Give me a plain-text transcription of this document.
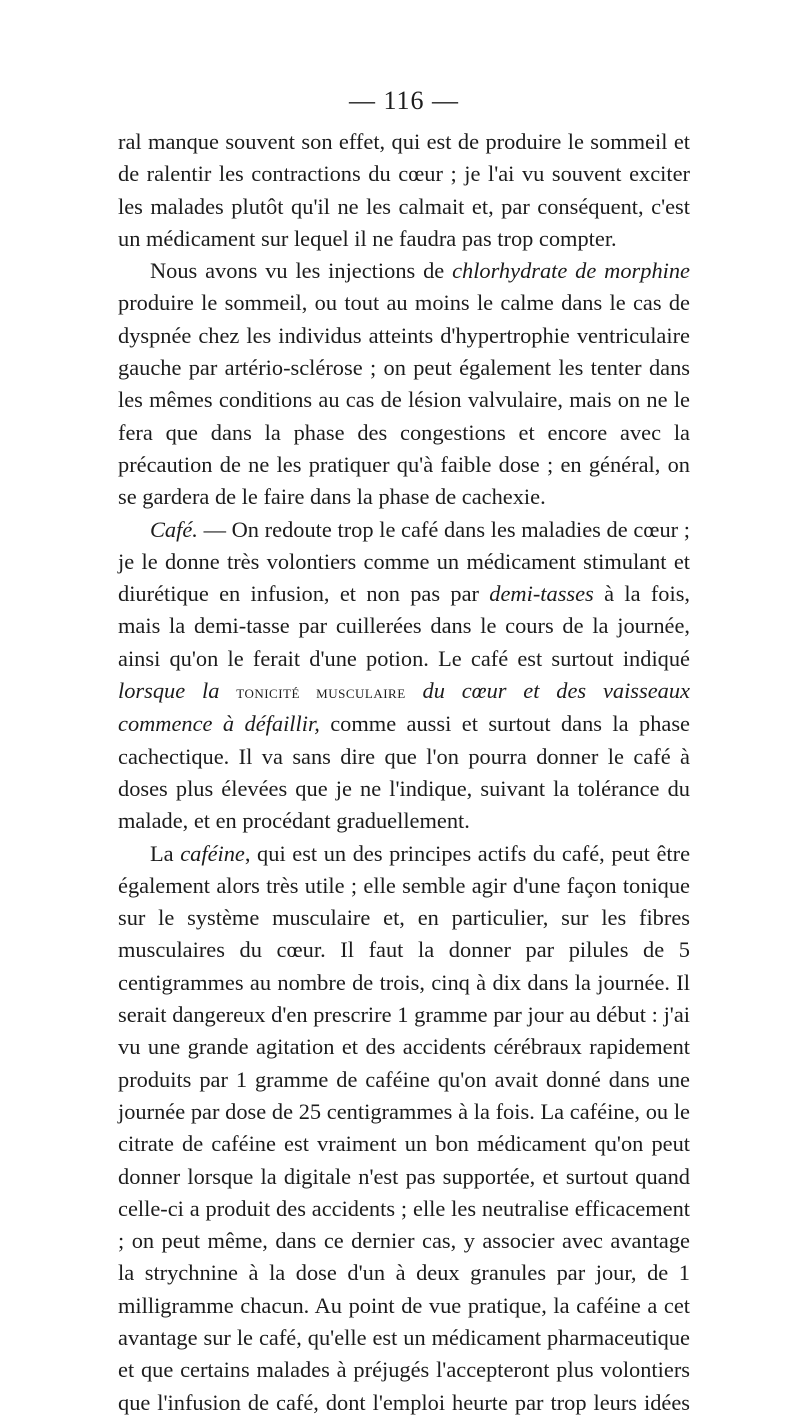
— 116 —

ral manque souvent son effet, qui est de produire le sommeil et de ralentir les contractions du cœur ; je l'ai vu souvent exciter les malades plutôt qu'il ne les calmait et, par conséquent, c'est un médicament sur lequel il ne faudra pas trop compter.

Nous avons vu les injections de chlorhydrate de morphine produire le sommeil, ou tout au moins le calme dans le cas de dyspnée chez les individus atteints d'hypertrophie ventriculaire gauche par artério-sclérose ; on peut également les tenter dans les mêmes conditions au cas de lésion valvulaire, mais on ne le fera que dans la phase des congestions et encore avec la précaution de ne les pratiquer qu'à faible dose ; en général, on se gardera de le faire dans la phase de cachexie.

Café. — On redoute trop le café dans les maladies de cœur ; je le donne très volontiers comme un médicament stimulant et diurétique en infusion, et non pas par demi-tasses à la fois, mais la demi-tasse par cuillerées dans le cours de la journée, ainsi qu'on le ferait d'une potion. Le café est surtout indiqué lorsque la tonicité musculaire du cœur et des vaisseaux commence à défaillir, comme aussi et surtout dans la phase cachectique. Il va sans dire que l'on pourra donner le café à doses plus élevées que je ne l'indique, suivant la tolérance du malade, et en procédant graduellement.

La caféine, qui est un des principes actifs du café, peut être également alors très utile ; elle semble agir d'une façon tonique sur le système musculaire et, en particulier, sur les fibres musculaires du cœur. Il faut la donner par pilules de 5 centigrammes au nombre de trois, cinq à dix dans la journée. Il serait dangereux d'en prescrire 1 gramme par jour au début : j'ai vu une grande agitation et des accidents cérébraux rapidement produits par 1 gramme de caféine qu'on avait donné dans une journée par dose de 25 centigrammes à la fois. La caféine, ou le citrate de caféine est vraiment un bon médicament qu'on peut donner lorsque la digitale n'est pas supportée, et surtout quand celle-ci a produit des accidents ; elle les neutralise efficacement ; on peut même, dans ce dernier cas, y associer avec avantage la strychnine à la dose d'un à deux granules par jour, de 1 milligramme chacun. Au point de vue pratique, la caféine a cet avantage sur le café, qu'elle est un médicament pharmaceutique et que certains malades à préjugés l'accepteront plus volontiers que l'infusion de café, dont l'emploi heurte par trop leurs idées
